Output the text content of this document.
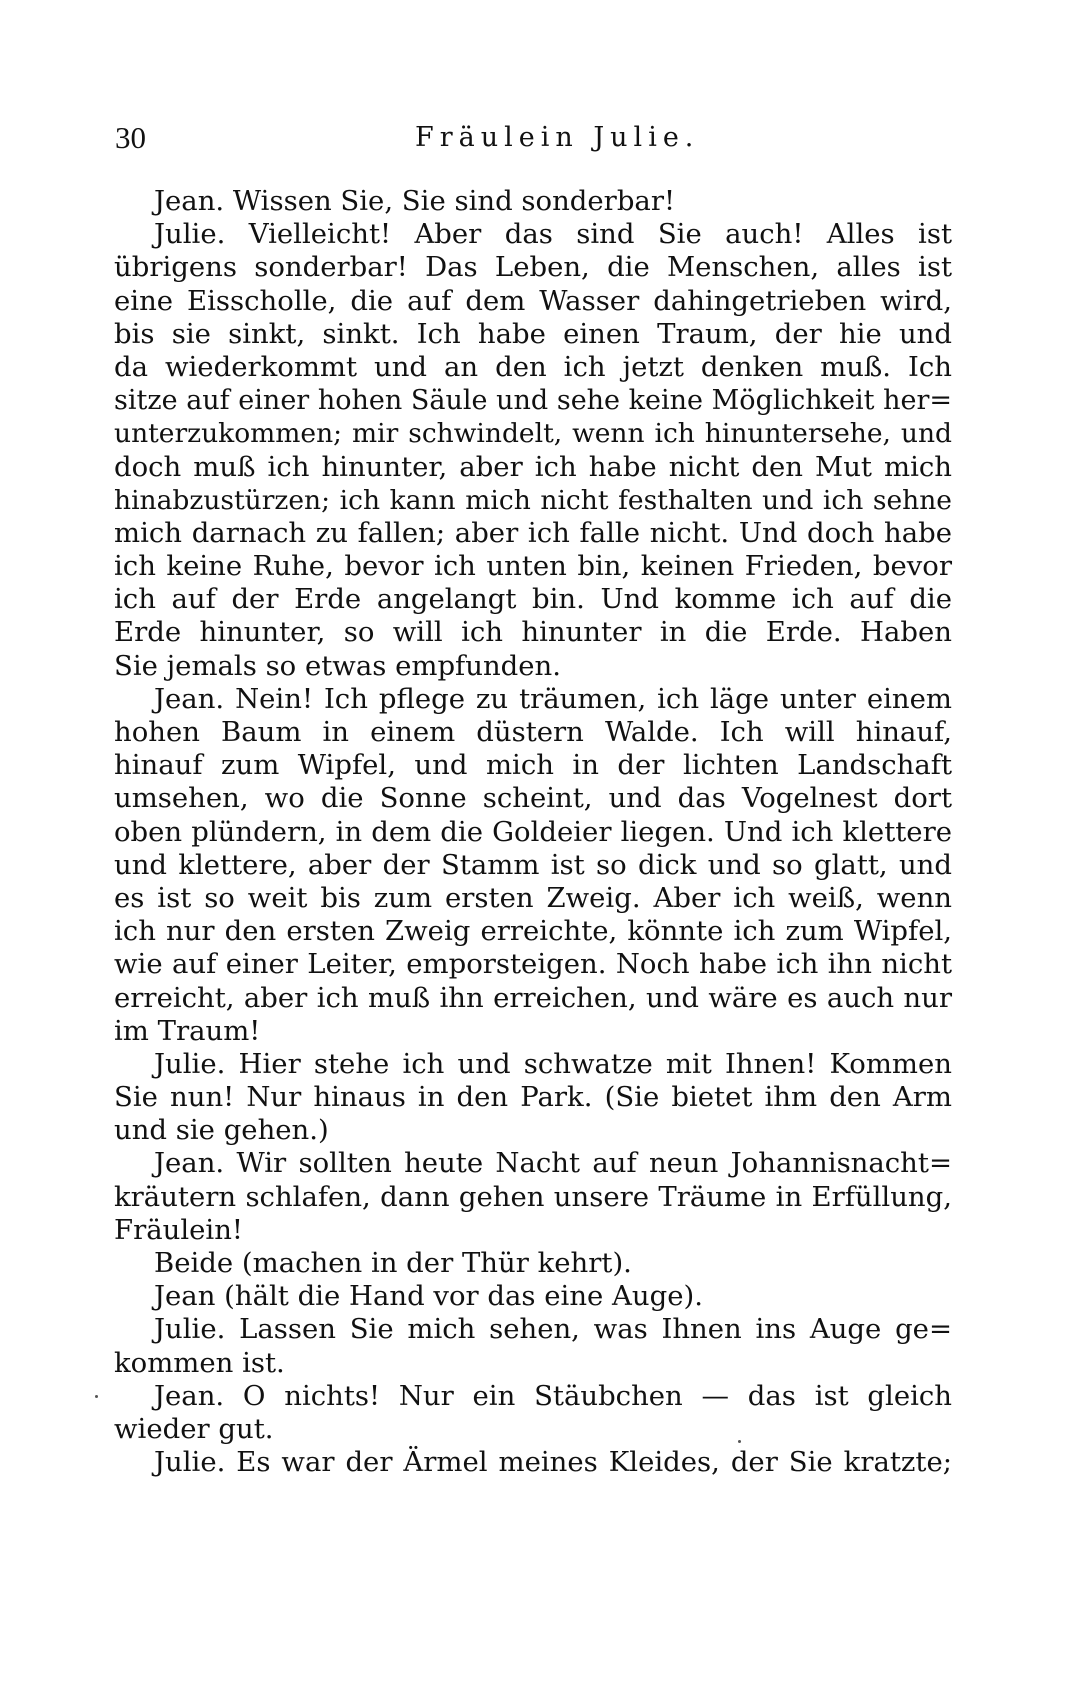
30	Fräulein Julie.
Jean. Wissen Sie, Sie sind sonderbar!
Julie. Vielleicht! Aber das sind Sie auch! Alles ist
übrigens sonderbar! Das Leben, die Menschen, alles ist
eine Eisscholle, die auf dem Wasser dahingetrieben wird,
bis sie sinkt, sinkt. Ich habe einen Traum, der hie und
da wiederkommt und an den ich jetzt denken muß. Ich
sitze auf einer hohen Säule und sehe keine Möglichkeit her=
unterzukommen; mir schwindelt, wenn ich hinuntersehe, und
doch muß ich hinunter, aber ich habe nicht den Mut mich
hinabzustürzen; ich kann mich nicht festhalten und ich sehne
mich darnach zu fallen; aber ich falle nicht. Und doch habe
ich keine Ruhe, bevor ich unten bin, keinen Frieden, bevor
ich auf der Erde angelangt bin. Und komme ich auf die
Erde hinunter, so will ich hinunter in die Erde. Haben
Sie jemals so etwas empfunden.
Jean. Nein! Ich pflege zu träumen, ich läge unter einem
hohen Baum in einem düstern Walde. Ich will hinauf,
hinauf zum Wipfel, und mich in der lichten Landschaft
umsehen, wo die Sonne scheint, und das Vogelnest dort
oben plündern, in dem die Goldeier liegen. Und ich klettere
und klettere, aber der Stamm ist so dick und so glatt, und
es ist so weit bis zum ersten Zweig. Aber ich weiß, wenn
ich nur den ersten Zweig erreichte, könnte ich zum Wipfel,
wie auf einer Leiter, emporsteigen. Noch habe ich ihn nicht
erreicht, aber ich muß ihn erreichen, und wäre es auch nur
im Traum!
Julie. Hier stehe ich und schwatze mit Ihnen! Kommen
Sie nun! Nur hinaus in den Park. (Sie bietet ihm den Arm
und sie gehen.)
Jean. Wir sollten heute Nacht auf neun Johannisnacht=
kräutern schlafen, dann gehen unsere Träume in Erfüllung,
Fräulein!
Beide (machen in der Thür kehrt).
Jean (hält die Hand vor das eine Auge).
Julie. Lassen Sie mich sehen, was Ihnen ins Auge ge=
kommen ist.
Jean. O nichts! Nur ein Stäubchen — das ist gleich
wieder gut.
Julie. Es war der Ärmel meines Kleides, der Sie kratzte;
